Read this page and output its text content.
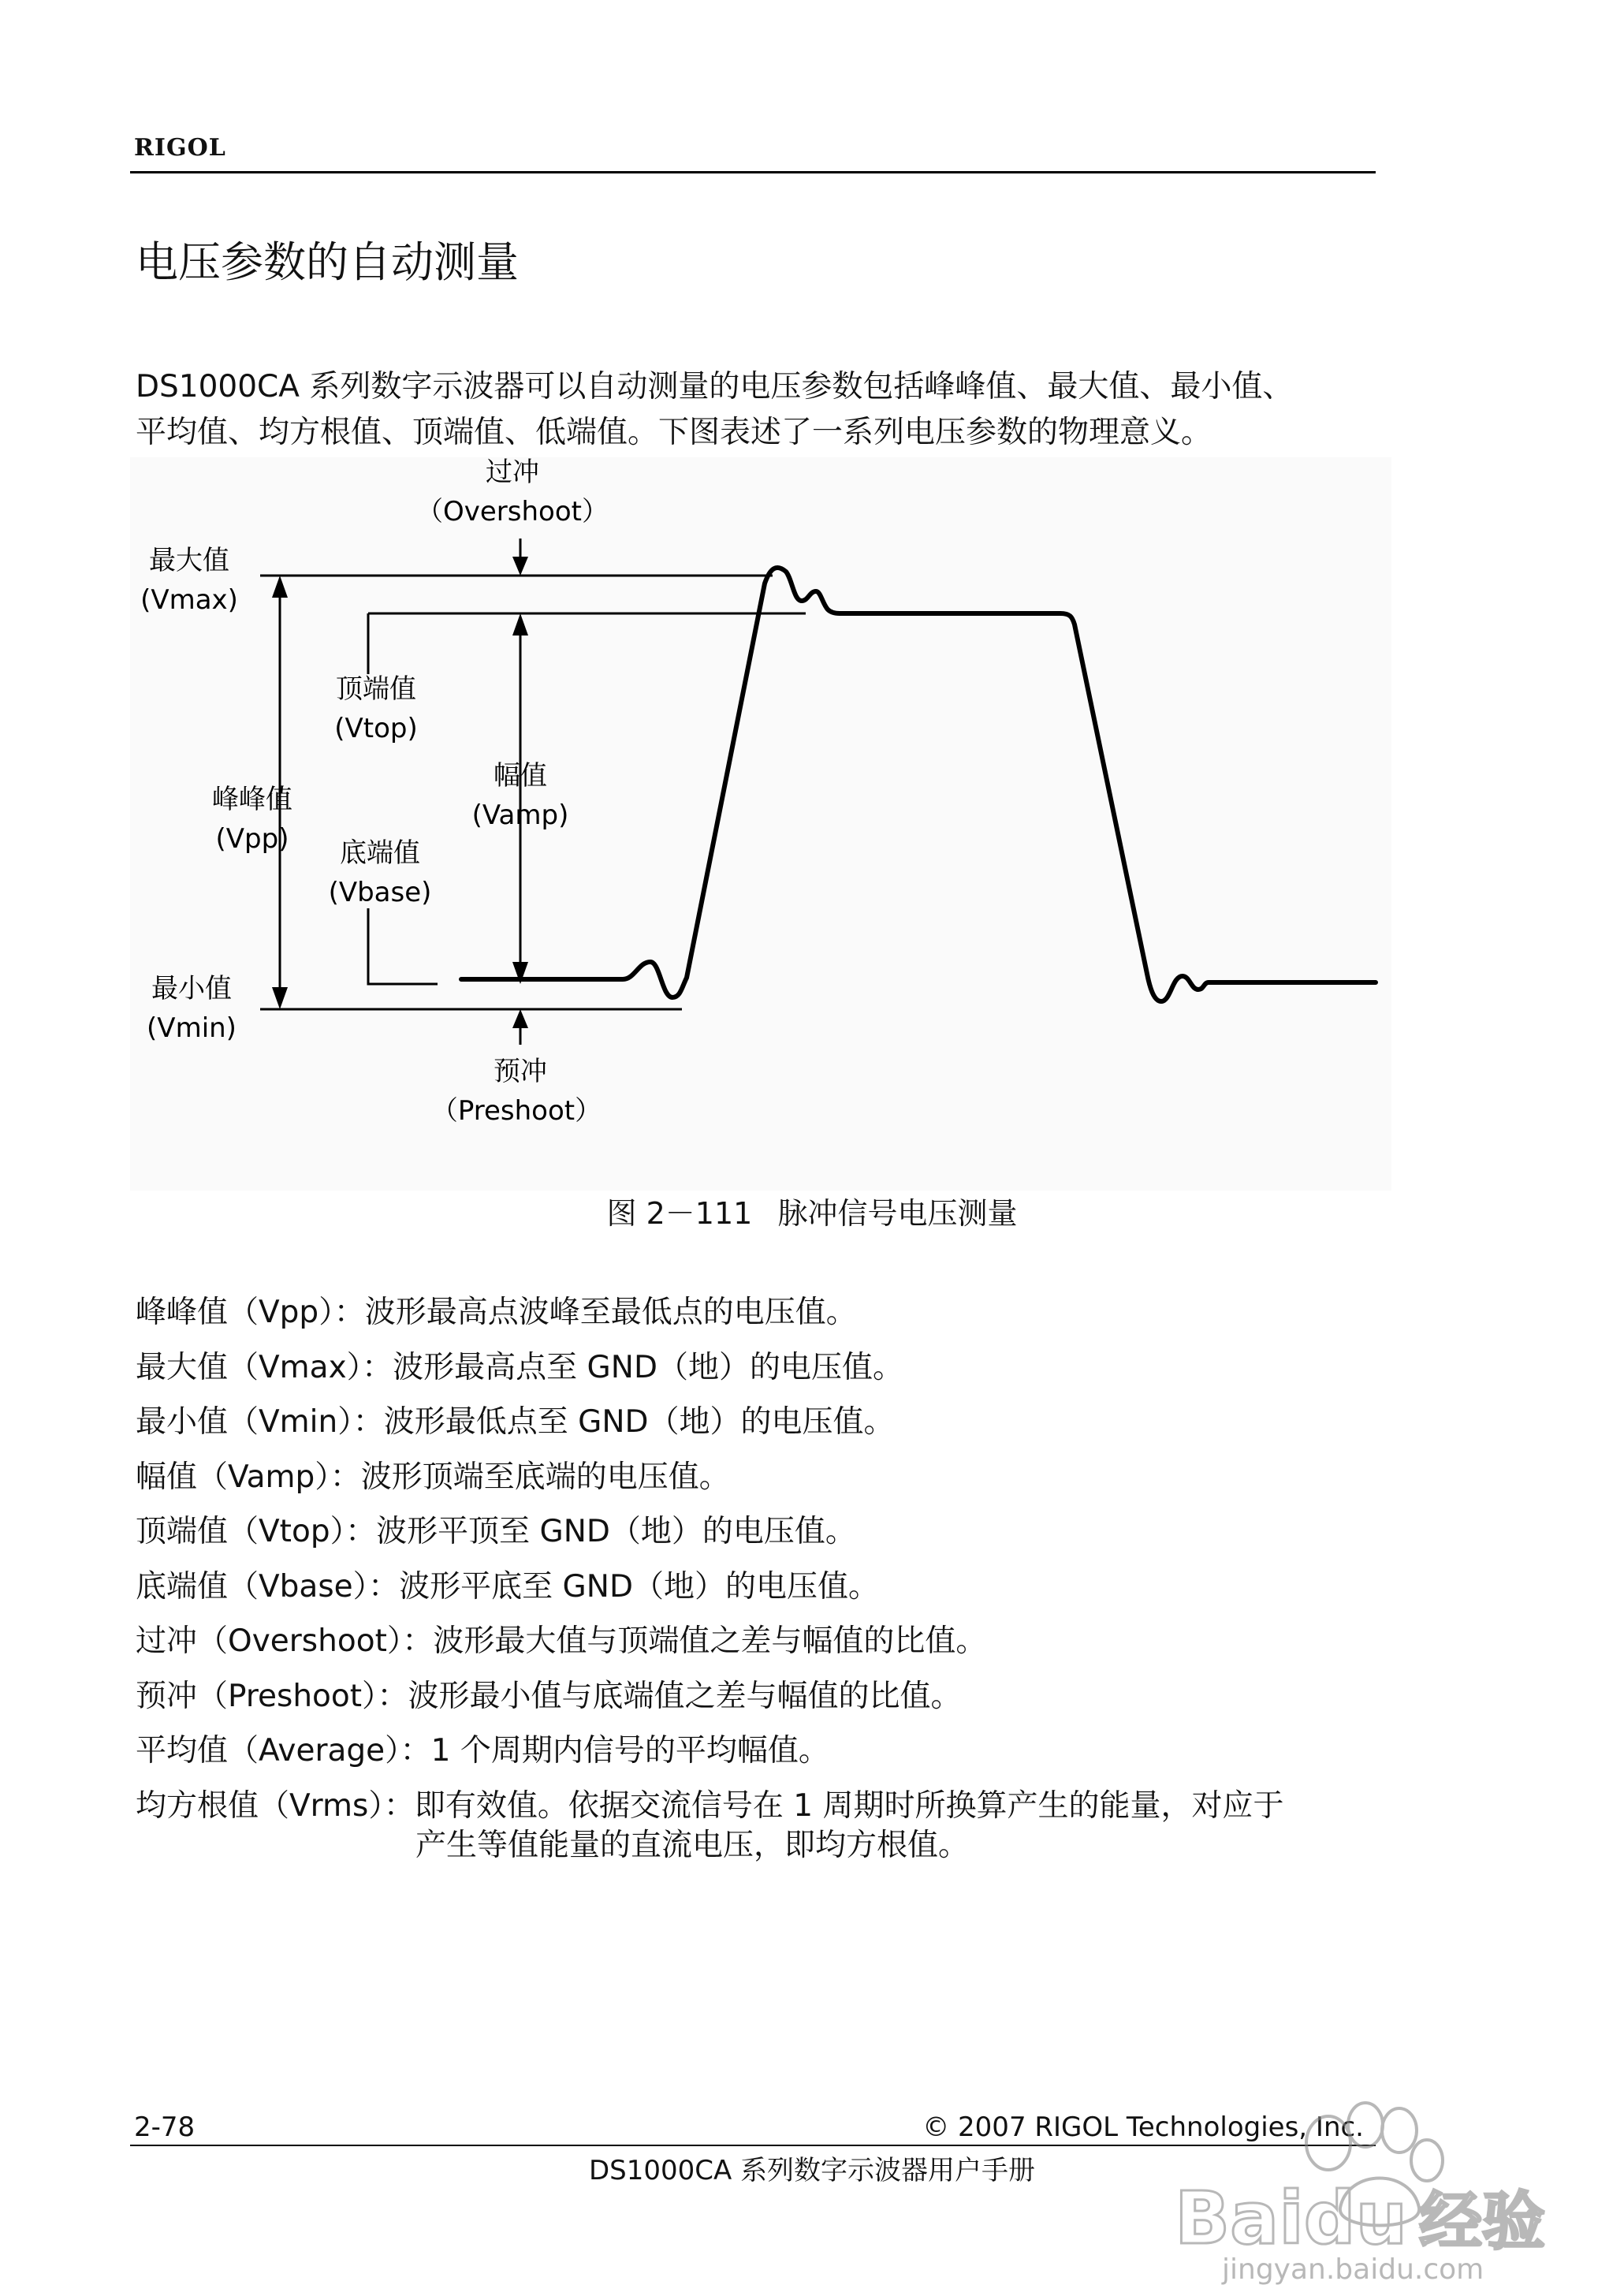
RIGOL
电压参数的自动测量
DS1000CA 系列数字示波器可以自动测量的电压参数包括峰峰值、最大值、最小值、
平均值、均方根值、顶端值、低端值。下图表述了一系列电压参数的物理意义。
过冲
（Overshoot）
最大值
(Vmax)
顶端值
(Vtop)
峰峰值
(Vpp)
幅值
(Vamp)
底端值
(Vbase)
最小值
(Vmin)
预冲
（Preshoot）
图 2－111 脉冲信号电压测量
峰峰值（Vpp）：波形最高点波峰至最低点的电压值。
最大值（Vmax）：波形最高点至 GND（地）的电压值。
最小值（Vmin）：波形最低点至 GND（地）的电压值。
幅值（Vamp）：波形顶端至底端的电压值。
顶端值（Vtop）：波形平顶至 GND（地）的电压值。
底端值（Vbase）：波形平底至 GND（地）的电压值。
过冲（Overshoot）：波形最大值与顶端值之差与幅值的比值。
预冲（Preshoot）：波形最小值与底端值之差与幅值的比值。
平均值（Average）：1 个周期内信号的平均幅值。
均方根值（Vrms）：即有效值。依据交流信号在 1 周期时所换算产生的能量，对应于
产生等值能量的直流电压，即均方根值。
2-78	© 2007 RIGOL Technologies, Inc.
DS1000CA 系列数字示波器用户手册
Baidu 经验
jingyan.baidu.com
